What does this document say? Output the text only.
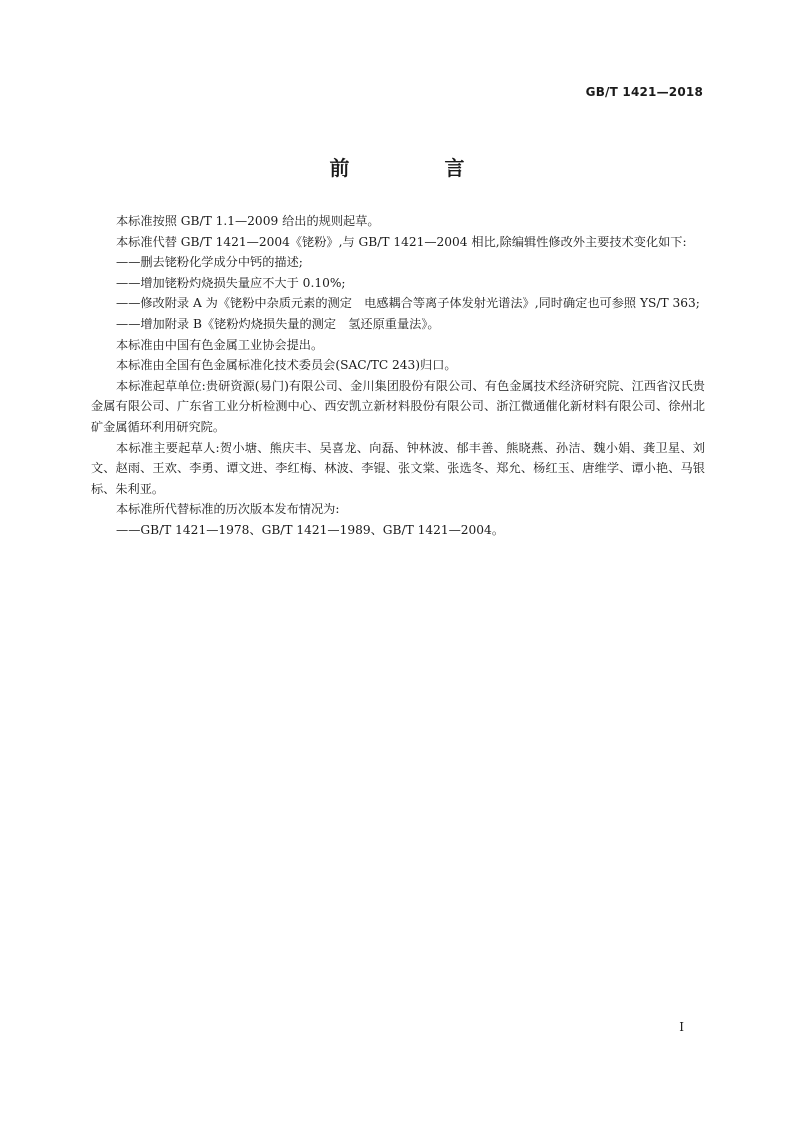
GB/T 1421—2018
前 言

本标准按照 GB/T 1.1—2009 给出的规则起草。

本标准代替 GB/T 1421—2004《铑粉》,与 GB/T 1421—2004 相比,除编辑性修改外主要技术变化如下:

—— 删去铑粉化学成分中钙的描述;
—— 增加铑粉灼烧损失量应不大于 0.10%;
—— 修改附录 A 为《铑粉中杂质元素的测定　电感耦合等离子体发射光谱法》,同时确定也可参照 YS/T 363;
—— 增加附录 B《铑粉灼烧损失量的测定　氢还原重量法》。

本标准由中国有色金属工业协会提出。

本标准由全国有色金属标准化技术委员会(SAC/TC 243)归口。

本标准起草单位:贵研资源(易门)有限公司、金川集团股份有限公司、有色金属技术经济研究院、江西省汉氏贵金属有限公司、广东省工业分析检测中心、西安凯立新材料股份有限公司、浙江微通催化新材料有限公司、徐州北矿金属循环利用研究院。

本标准主要起草人:贺小塘、熊庆丰、吴喜龙、向磊、钟林波、郁丰善、熊晓燕、孙洁、魏小娟、龚卫星、刘文、赵雨、王欢、李勇、谭文进、李红梅、林波、李锟、张文棠、张选冬、郑允、杨红玉、唐维学、谭小艳、马银标、朱利亚。

本标准所代替标准的历次版本发布情况为:

—— GB/T 1421—1978、GB/T 1421—1989、GB/T 1421—2004。
I
